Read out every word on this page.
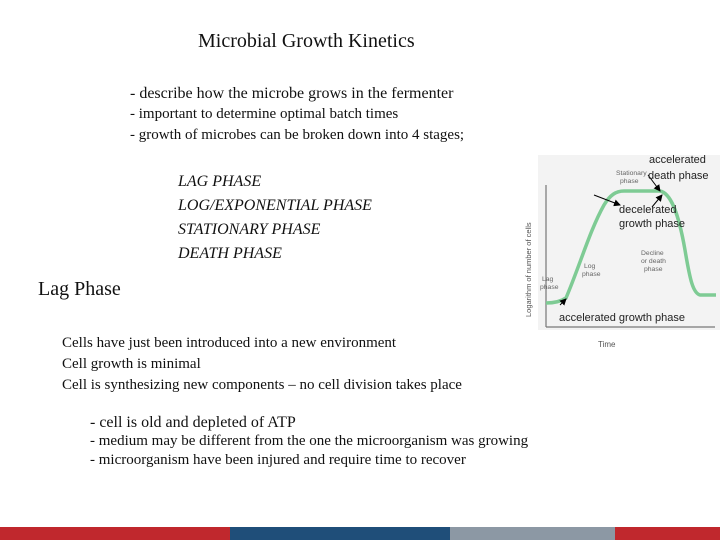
Microbial Growth Kinetics
- describe how the microbe grows in the fermenter
- important to determine optimal batch times
- growth of microbes can be broken down into 4 stages;
LAG PHASE
LOG/EXPONENTIAL PHASE
STATIONARY PHASE
DEATH PHASE
Lag Phase
Cells have just been introduced into a new environment
Cell growth is minimal
Cell is synthesizing new components – no cell division takes place
- cell is old and depleted of ATP
- medium may be different from the one the microorganism was growing
- microorganism have been injured and require time to recover
Logarithm of number of cells
Time
Stationary phase
Lag phase
Log phase
Decline or death phase
accelerated death phase
decelerated growth phase
accelerated growth phase
